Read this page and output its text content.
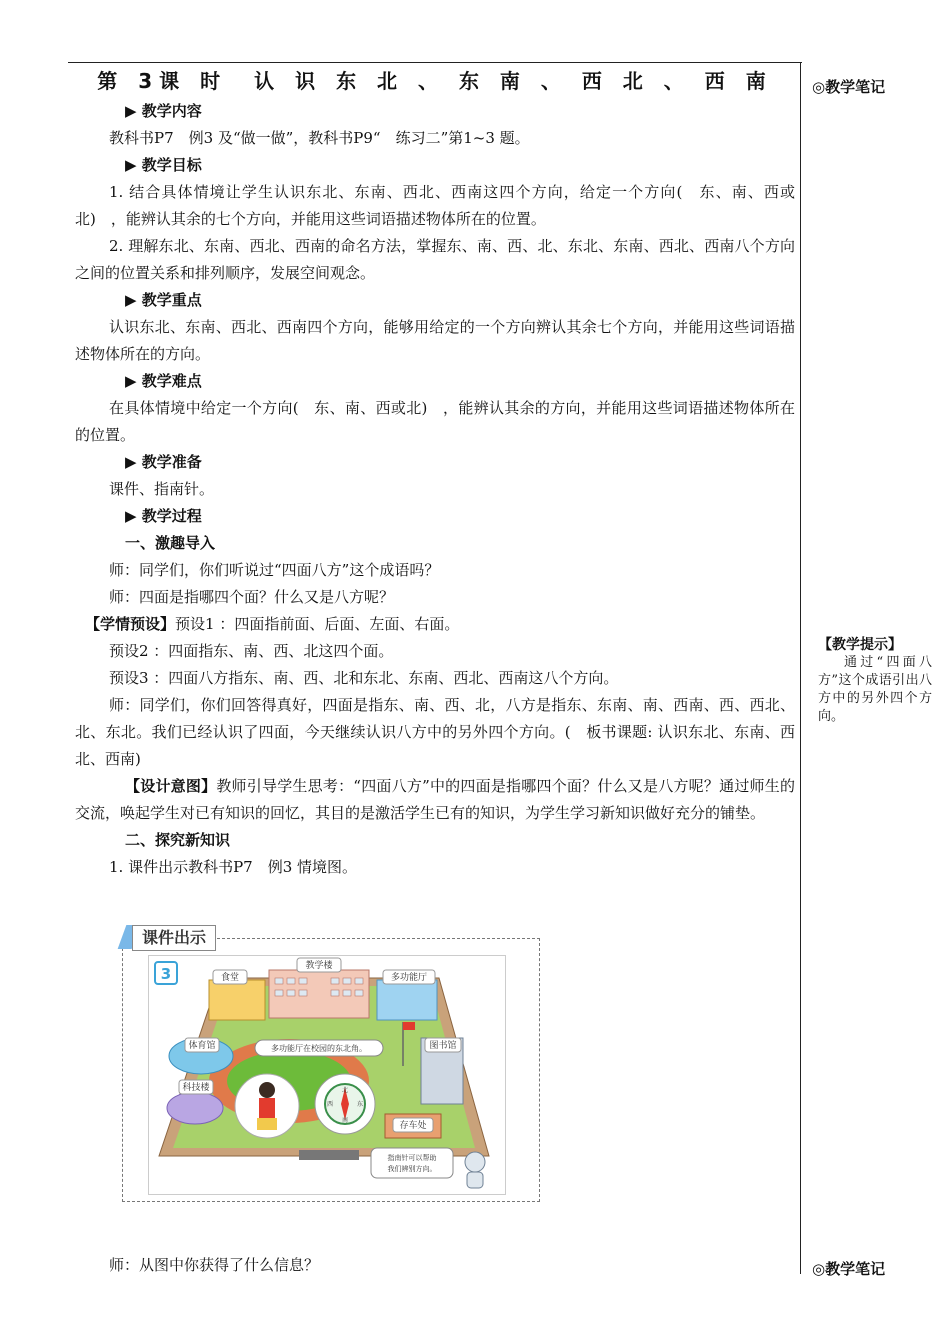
第 3课 时　认 识 东 北 、 东 南 、 西 北 、 西 南
▶ 教学内容
教科书P7　例3 及“做一做”，教科书P9“　练习二”第1~3 题。
▶ 教学目标
1. 结合具体情境让学生认识东北、东南、西北、西南这四个方向，给定一个方向(　东、南、西或北)　，能辨认其余的七个方向，并能用这些词语描述物体所在的位置。
2. 理解东北、东南、西北、西南的命名方法，掌握东、南、西、北、东北、东南、西北、西南八个方向之间的位置关系和排列顺序，发展空间观念。
▶ 教学重点
认识东北、东南、西北、西南四个方向，能够用给定的一个方向辨认其余七个方向，并能用这些词语描述物体所在的方向。
▶ 教学难点
在具体情境中给定一个方向(　东、南、西或北)　，能辨认其余的方向，并能用这些词语描述物体所在的位置。
▶ 教学准备
课件、指南针。
▶ 教学过程
一、激趣导入
师：同学们，你们听说过“四面八方”这个成语吗？
师：四面是指哪四个面？什么又是八方呢？
【学情预设】预设1 ：四面指前面、后面、左面、右面。
预设2 ：四面指东、南、西、北这四个面。
预设3 ：四面八方指东、南、西、北和东北、东南、西北、西南这八个方向。
师：同学们，你们回答得真好，四面是指东、南、西、北，八方是指东、东南、南、西南、西、西北、北、东北。我们已经认识了四面，今天继续认识八方中的另外四个方向。(　板书课题: 认识东北、东南、西北、西南)
【设计意图】教师引导学生思考：“四面八方”中的四面是指哪四个面？什么又是八方呢？通过师生的交流，唤起学生对已有知识的回忆，其目的是激活学生已有的知识，为学生学习新知识做好充分的铺垫。
二、探究新知识
1. 课件出示教科书P7　例3 情境图。
◎教学笔记
◎教学笔记
【教学提示】
通过“四面八方”这个成语引出八方中的另外四个方向。
课件出示
3	食堂
教学楼
多功能厅
体育馆	图书馆
科技楼
存车处
多功能厅在校园的东北角。
北
东
南
西
指南针可以帮助
我们辨别方向。
师：从图中你获得了什么信息？
